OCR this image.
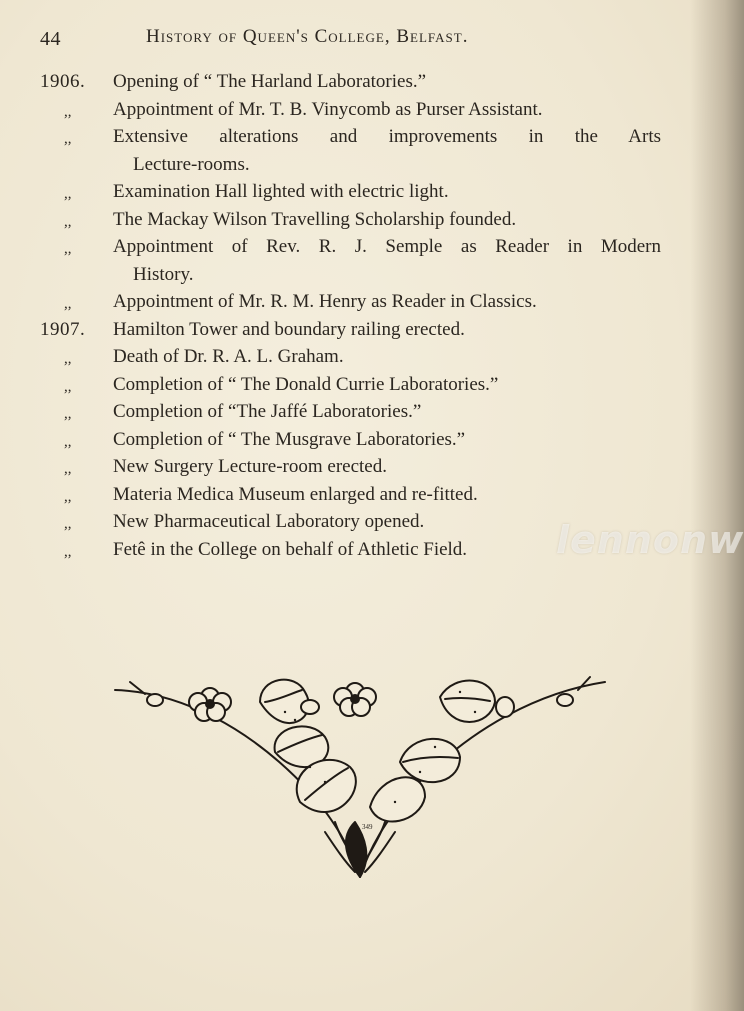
44	History of Queen's College, Belfast.
1906.	Opening of “ The Harland Laboratories.”
,,	Appointment of Mr. T. B. Vinycomb as Purser Assistant.
,,	Extensive alterations and improvements in the Arts
Lecture-rooms.
,,	Examination Hall lighted with electric light.
,,	The Mackay Wilson Travelling Scholarship founded.
,,	Appointment of Rev. R. J. Semple as Reader in Modern
History.
,,	Appointment of Mr. R. M. Henry as Reader in Classics.
1907.	Hamilton Tower and boundary railing erected.
,,	Death of Dr. R. A. L. Graham.
,,	Completion of “ The Donald Currie Laboratories.”
,,	Completion of “The Jaffé Laboratories.”
,,	Completion of “ The Musgrave Laboratories.”
,,	New Surgery Lecture-room erected.
,,	Materia Medica Museum enlarged and re-fitted.
,,	New Pharmaceutical Laboratory opened.
,,	Fetê in the College on behalf of Athletic Field.	lennonw
349
